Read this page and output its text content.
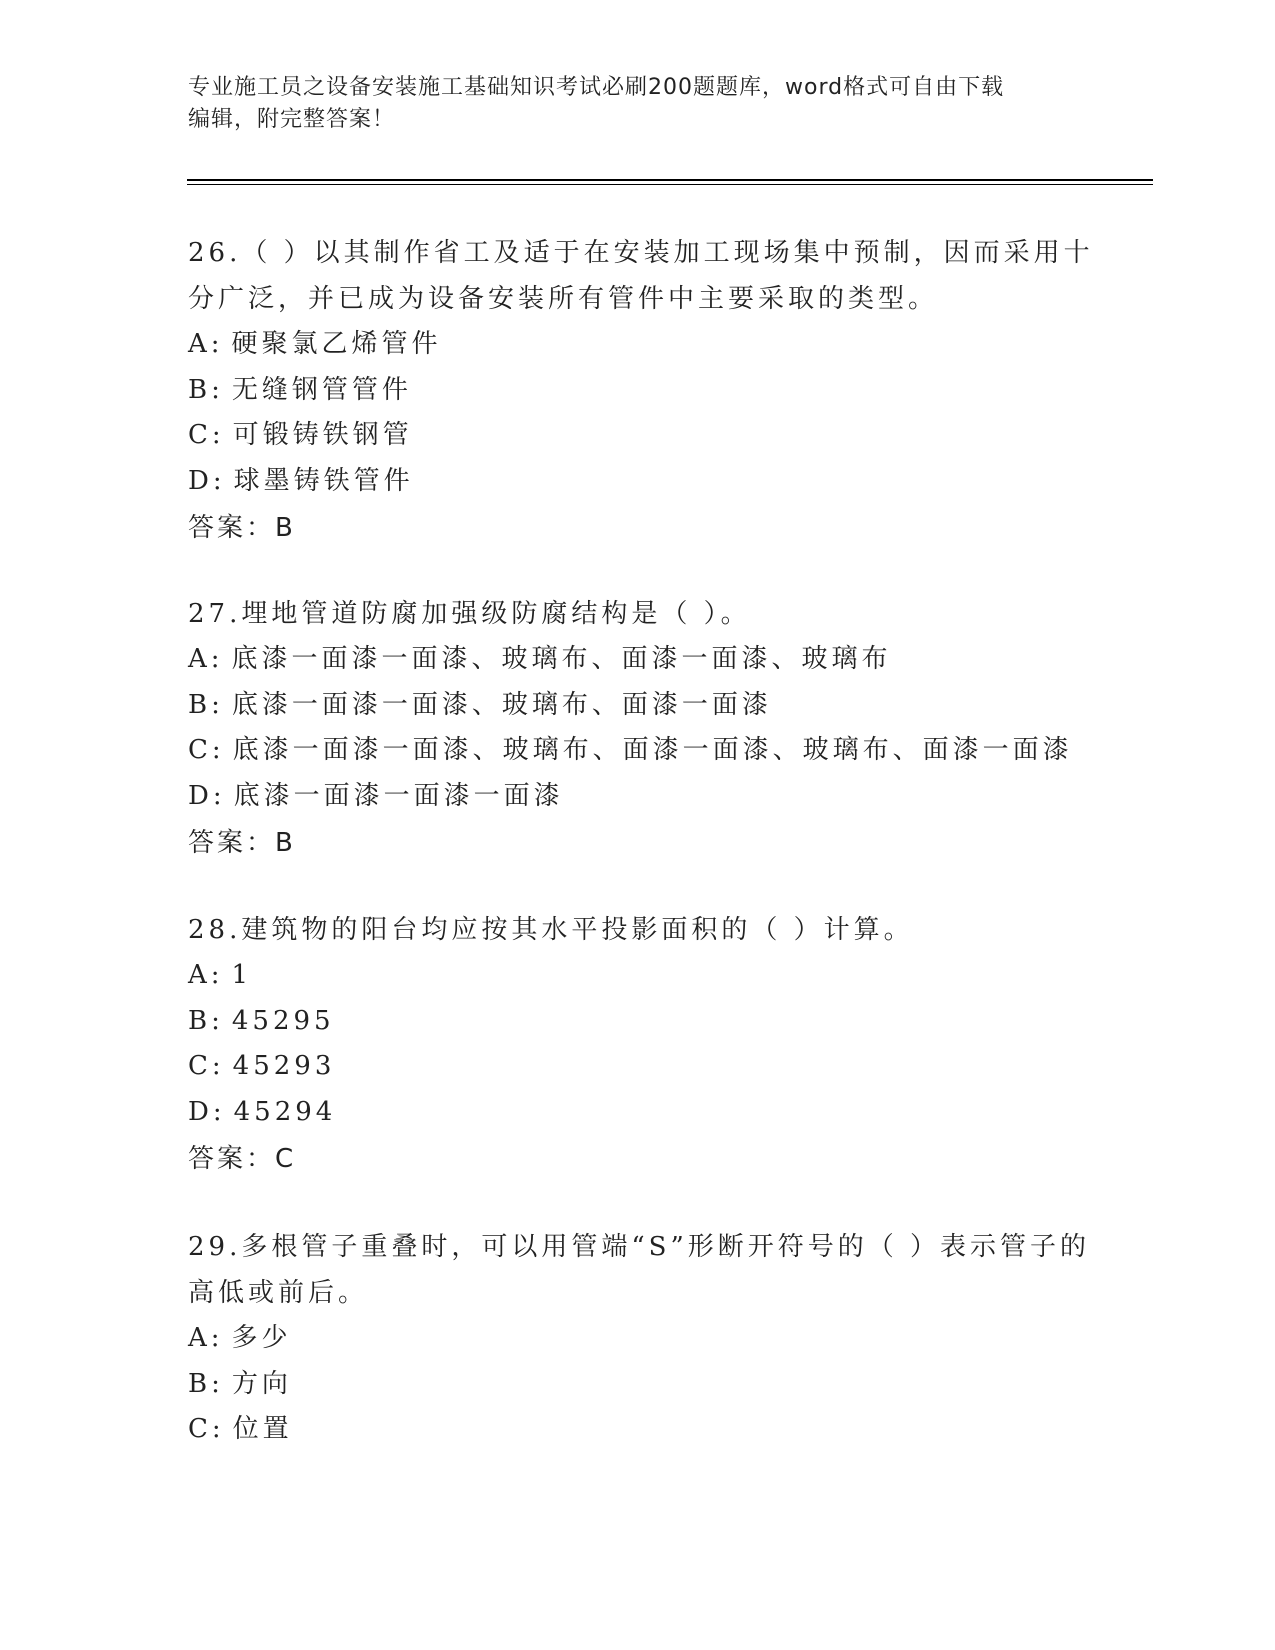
专业施工员之设备安装施工基础知识考试必刷200题题库，word格式可自由下载
编辑，附完整答案！
26.（ ）以其制作省工及适于在安装加工现场集中预制，因而采用十
分广泛，并已成为设备安装所有管件中主要采取的类型。
A: 硬聚氯乙烯管件
B: 无缝钢管管件
C: 可锻铸铁钢管
D: 球墨铸铁管件
答案：B
27.埋地管道防腐加强级防腐结构是（ ）。
A: 底漆一面漆一面漆、玻璃布、面漆一面漆、玻璃布
B: 底漆一面漆一面漆、玻璃布、面漆一面漆
C: 底漆一面漆一面漆、玻璃布、面漆一面漆、玻璃布、面漆一面漆
D: 底漆一面漆一面漆一面漆
答案：B
28.建筑物的阳台均应按其水平投影面积的（ ）计算。
A: 1
B: 45295
C: 45293
D: 45294
答案：C
29.多根管子重叠时，可以用管端“S”形断开符号的（ ）表示管子的
高低或前后。
A: 多少
B: 方向
C: 位置
